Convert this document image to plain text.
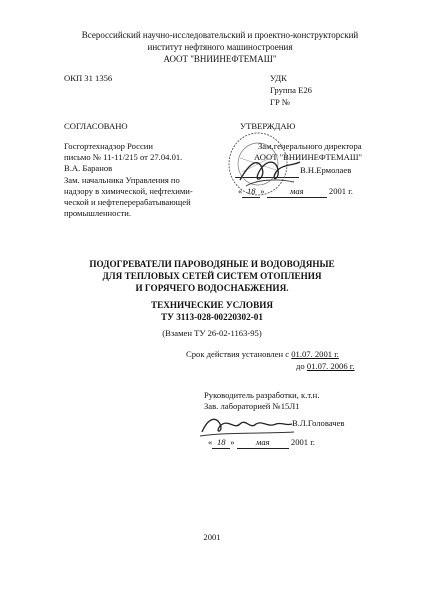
Всероссийский научно-исследовательский и проектно-конструкторский
институт нефтяного машиностроения
АООТ "ВНИИНЕФТЕМАШ"
ОКП 31 1356	УДК
Группа Е26
ГР №
СОГЛАСОВАНО
Госгортехнадзор России
письмо № 11-11/215 от 27.04.01.
В.А. Баранов
Зам. начальника Управления по
надзору в химической, нефтехими-
ческой и нефтеперерабатывающей
промышленности.
УТВЕРЖДАЮ
Зам.генерального директора
АООТ "ВНИИНЕФТЕМАШ"

В.Н.Ермолаев
« 18 »	мая	2001 г.
ПОДОГРЕВАТЕЛИ ПАРОВОДЯНЫЕ И ВОДОВОДЯНЫЕ
ДЛЯ ТЕПЛОВЫХ СЕТЕЙ СИСТЕМ ОТОПЛЕНИЯ
И ГОРЯЧЕГО ВОДОСНАБЖЕНИЯ.
ТЕХНИЧЕСКИЕ УСЛОВИЯ
ТУ 3113-028-00220302-01
(Взамен ТУ 26-02-1163-95)
Срок действия установлен с 01.07. 2001 г.
до 01.07. 2006 г.
Руководитель разработки, к.т.н.
Зав. лабораторией №15Л1
В.Л.Головачев
« 18 » мая 2001 г.
2001
